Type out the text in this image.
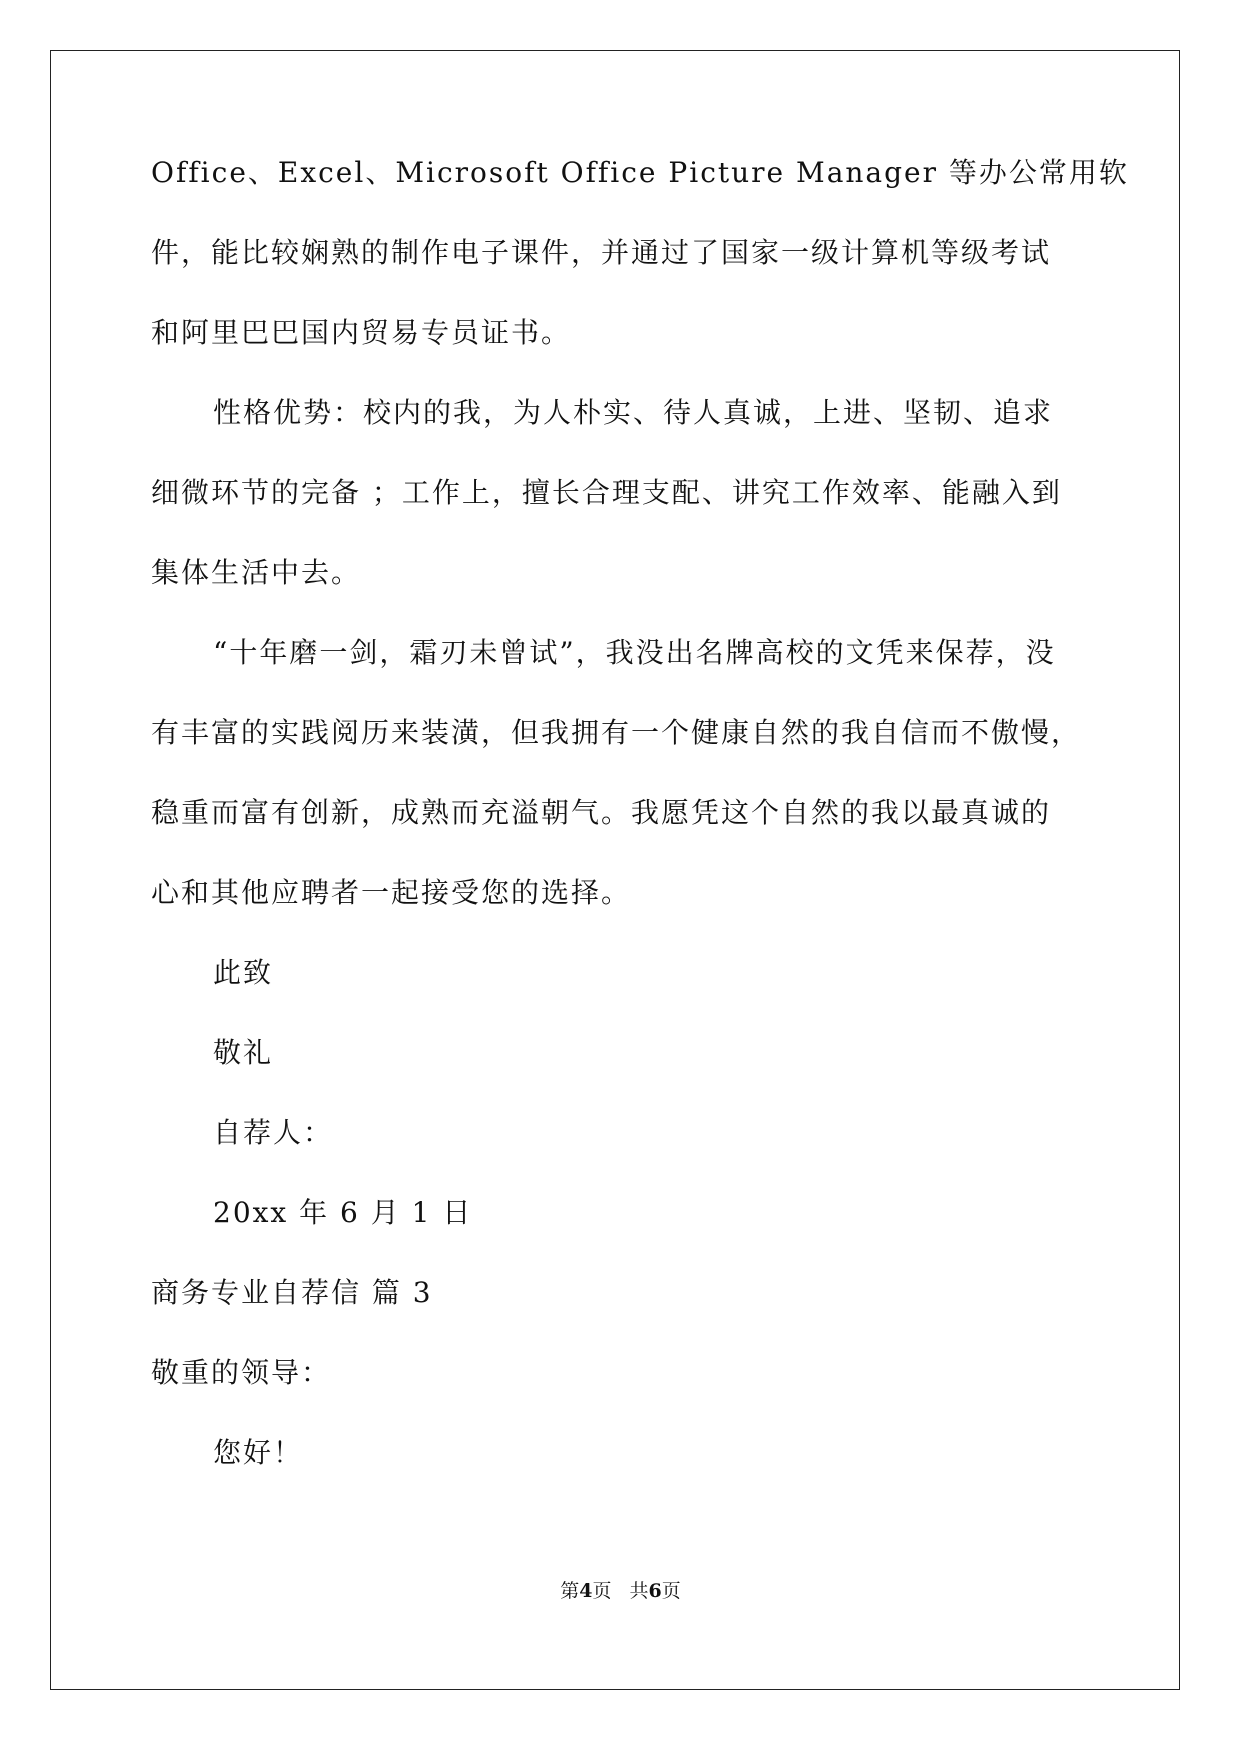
Office、Excel、Microsoft Office Picture Manager 等办公常用软
件，能比较娴熟的制作电子课件，并通过了国家一级计算机等级考试
和阿里巴巴国内贸易专员证书。
性格优势：校内的我，为人朴实、待人真诚，上进、坚韧、追求
细微环节的完备 ；工作上，擅长合理支配、讲究工作效率、能融入到
集体生活中去。
“十年磨一剑，霜刃未曾试”，我没出名牌高校的文凭来保荐，没
有丰富的实践阅历来装潢，但我拥有一个健康自然的我自信而不傲慢，
稳重而富有创新，成熟而充溢朝气。我愿凭这个自然的我以最真诚的
心和其他应聘者一起接受您的选择。
此致
敬礼
自荐人：
20xx 年 6 月 1 日
商务专业自荐信 篇 3
敬重的领导：
您好！
第4页 共6页
